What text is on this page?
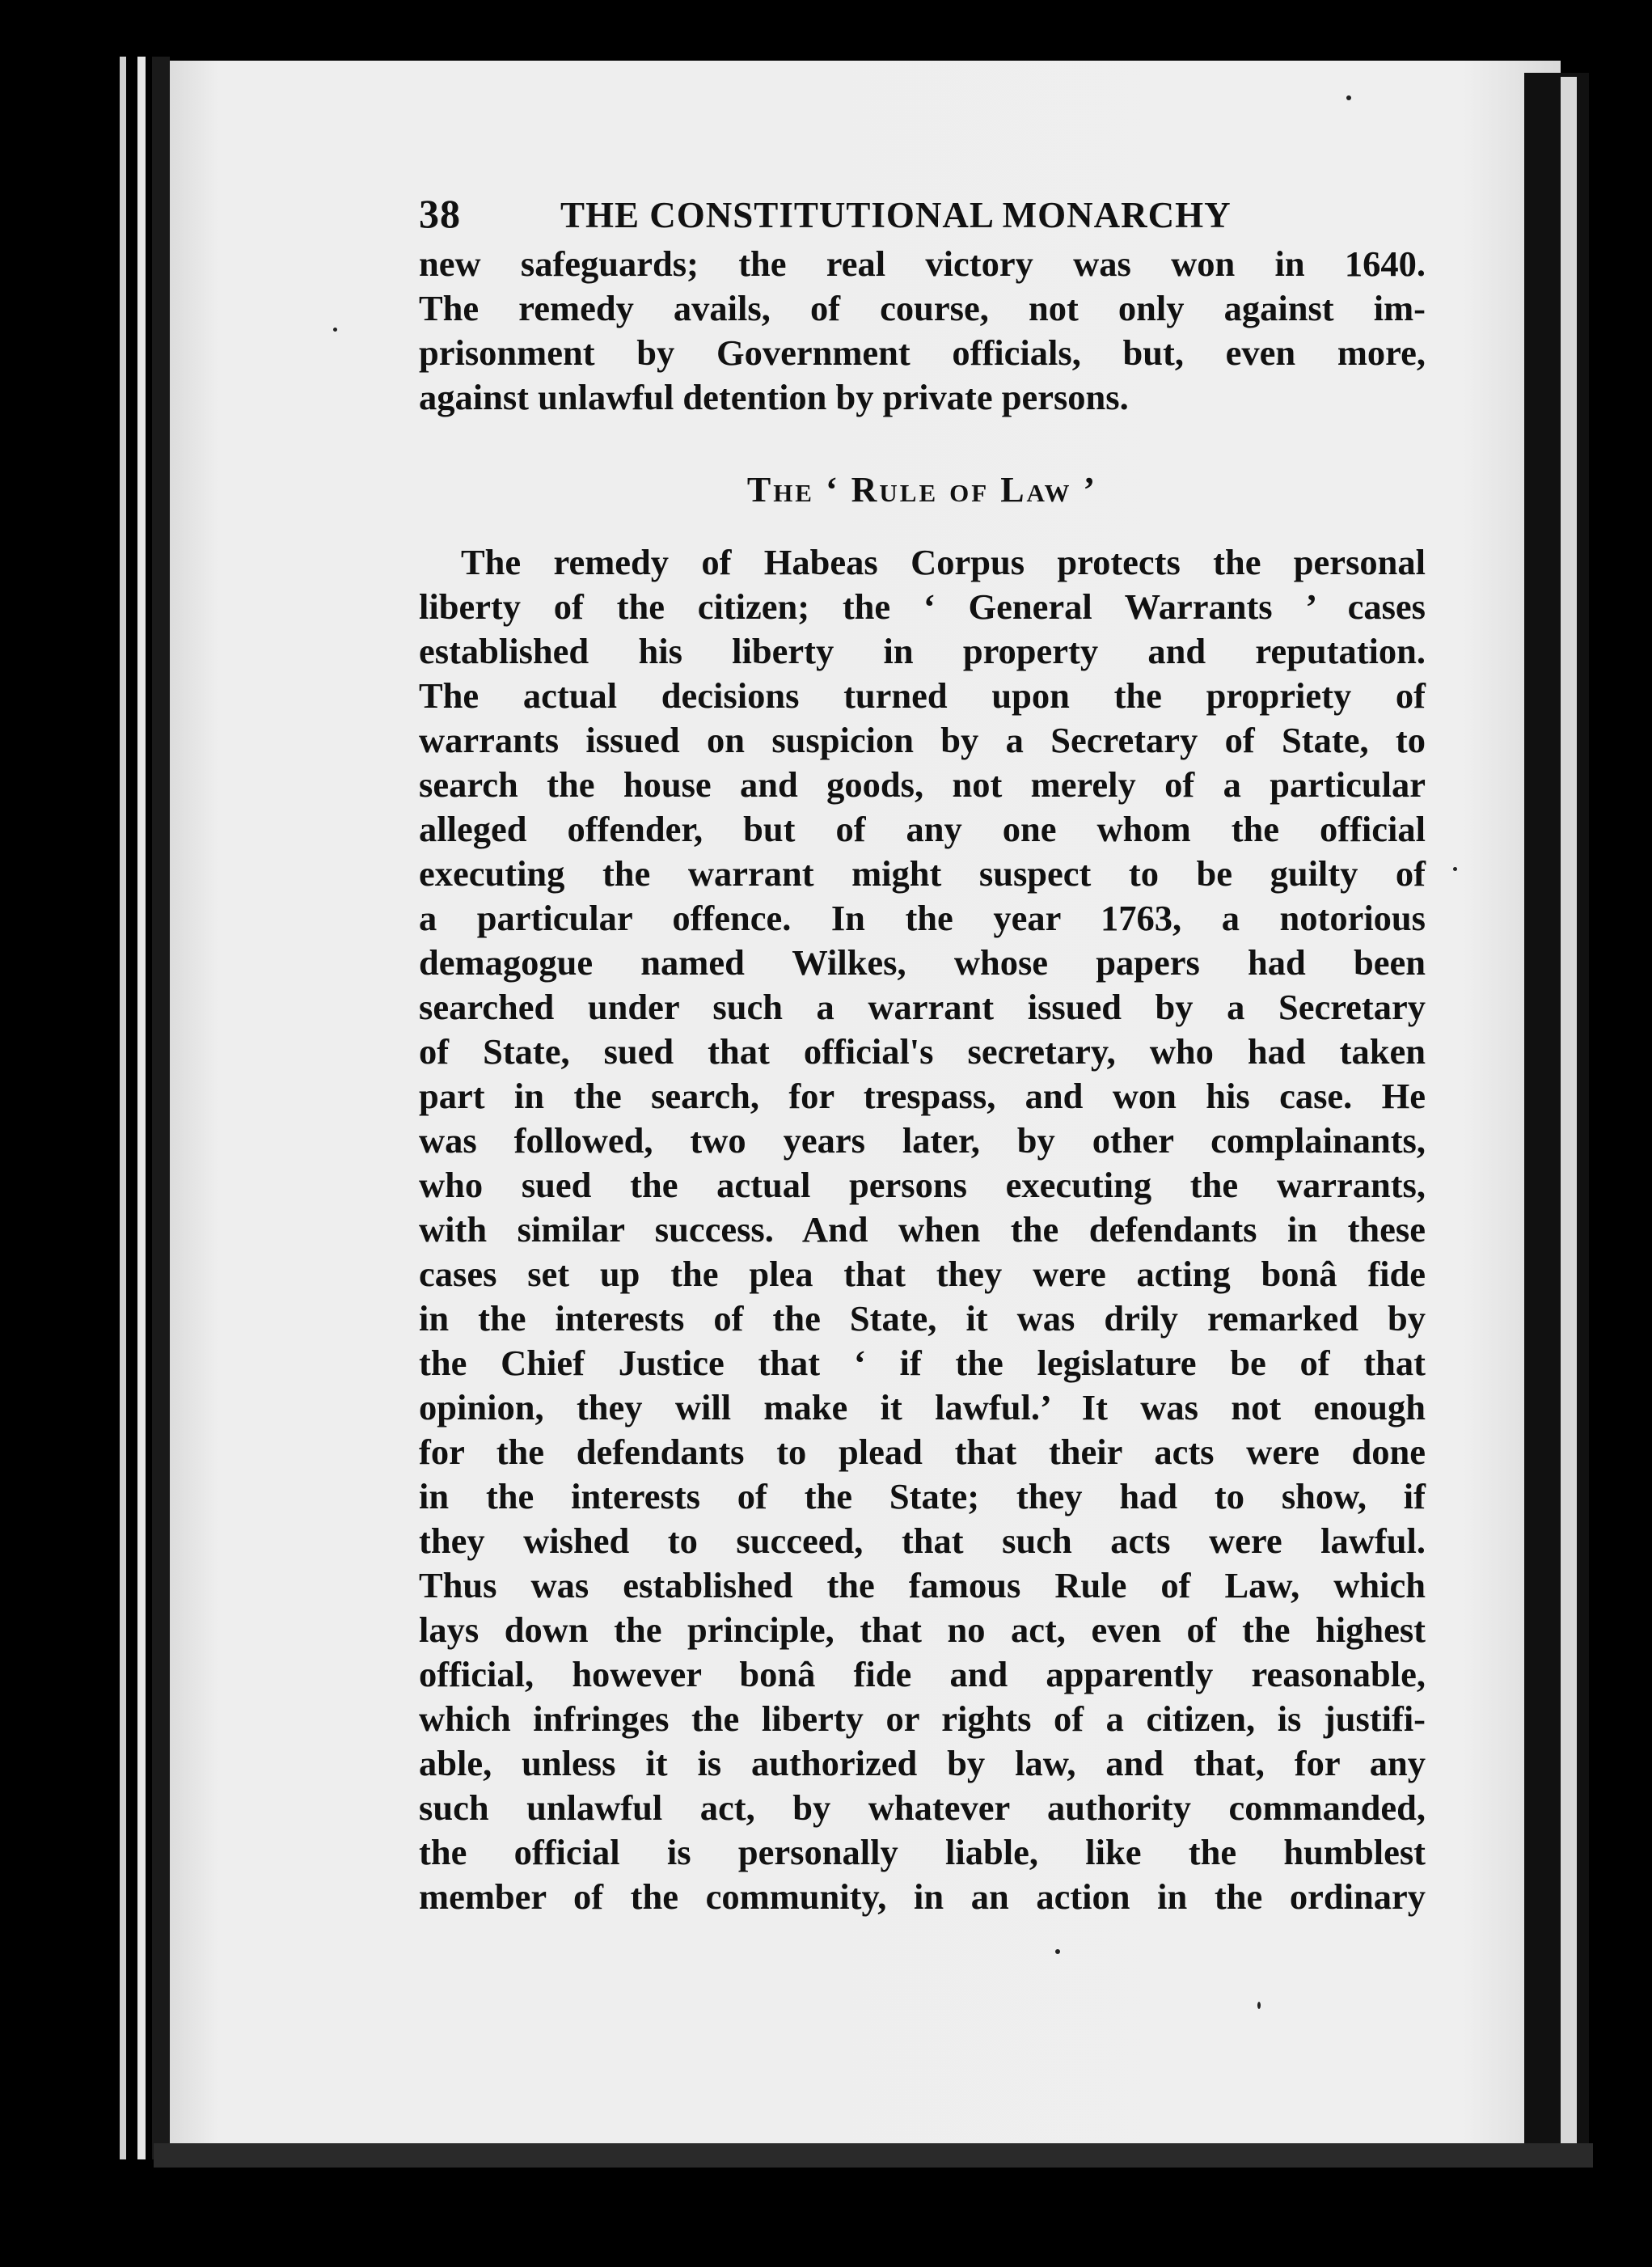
38	THE CONSTITUTIONAL MONARCHY

new safeguards; the real victory was won in 1640.
The remedy avails, of course, not only against im-
prisonment by Government officials, but, even more,
against unlawful detention by private persons.

The ‘ Rule of Law ’

The remedy of Habeas Corpus protects the personal
liberty of the citizen; the ‘ General Warrants ’ cases
established his liberty in property and reputation.
The actual decisions turned upon the propriety of
warrants issued on suspicion by a Secretary of State, to
search the house and goods, not merely of a particular
alleged offender, but of any one whom the official
executing the warrant might suspect to be guilty of
a particular offence. In the year 1763, a notorious
demagogue named Wilkes, whose papers had been
searched under such a warrant issued by a Secretary
of State, sued that official's secretary, who had taken
part in the search, for trespass, and won his case. He
was followed, two years later, by other complainants,
who sued the actual persons executing the warrants,
with similar success. And when the defendants in these
cases set up the plea that they were acting bonâ fide
in the interests of the State, it was drily remarked by
the Chief Justice that ‘ if the legislature be of that
opinion, they will make it lawful.’ It was not enough
for the defendants to plead that their acts were done
in the interests of the State; they had to show, if
they wished to succeed, that such acts were lawful.
Thus was established the famous Rule of Law, which
lays down the principle, that no act, even of the highest
official, however bonâ fide and apparently reasonable,
which infringes the liberty or rights of a citizen, is justifi-
able, unless it is authorized by law, and that, for any
such unlawful act, by whatever authority commanded,
the official is personally liable, like the humblest
member of the community, in an action in the ordinary
